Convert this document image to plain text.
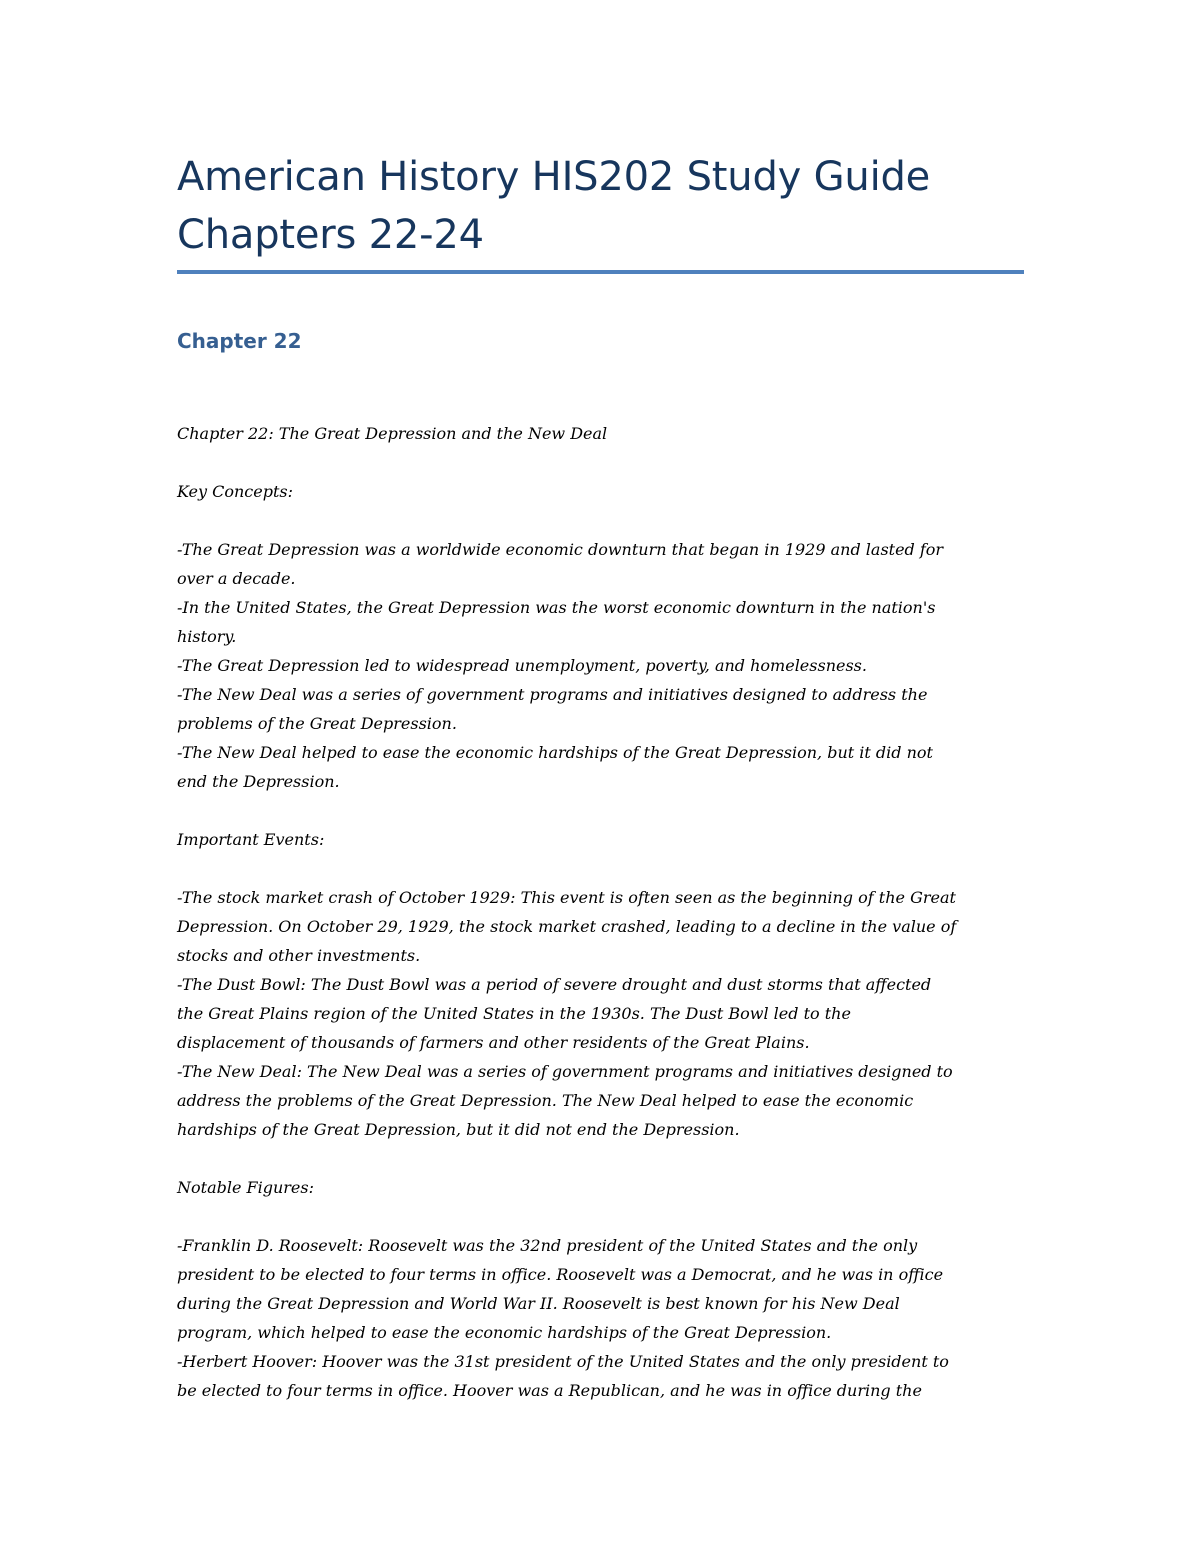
American History HIS202 Study Guide
Chapters 22-24
Chapter 22
Chapter 22: The Great Depression and the New Deal
Key Concepts:
-The Great Depression was a worldwide economic downturn that began in 1929 and lasted for
over a decade.
-In the United States, the Great Depression was the worst economic downturn in the nation's
history.
-The Great Depression led to widespread unemployment, poverty, and homelessness.
-The New Deal was a series of government programs and initiatives designed to address the
problems of the Great Depression.
-The New Deal helped to ease the economic hardships of the Great Depression, but it did not
end the Depression.
Important Events:
-The stock market crash of October 1929: This event is often seen as the beginning of the Great
Depression. On October 29, 1929, the stock market crashed, leading to a decline in the value of
stocks and other investments.
-The Dust Bowl: The Dust Bowl was a period of severe drought and dust storms that affected
the Great Plains region of the United States in the 1930s. The Dust Bowl led to the
displacement of thousands of farmers and other residents of the Great Plains.
-The New Deal: The New Deal was a series of government programs and initiatives designed to
address the problems of the Great Depression. The New Deal helped to ease the economic
hardships of the Great Depression, but it did not end the Depression.
Notable Figures:
-Franklin D. Roosevelt: Roosevelt was the 32nd president of the United States and the only
president to be elected to four terms in office. Roosevelt was a Democrat, and he was in office
during the Great Depression and World War II. Roosevelt is best known for his New Deal
program, which helped to ease the economic hardships of the Great Depression.
-Herbert Hoover: Hoover was the 31st president of the United States and the only president to
be elected to four terms in office. Hoover was a Republican, and he was in office during the
